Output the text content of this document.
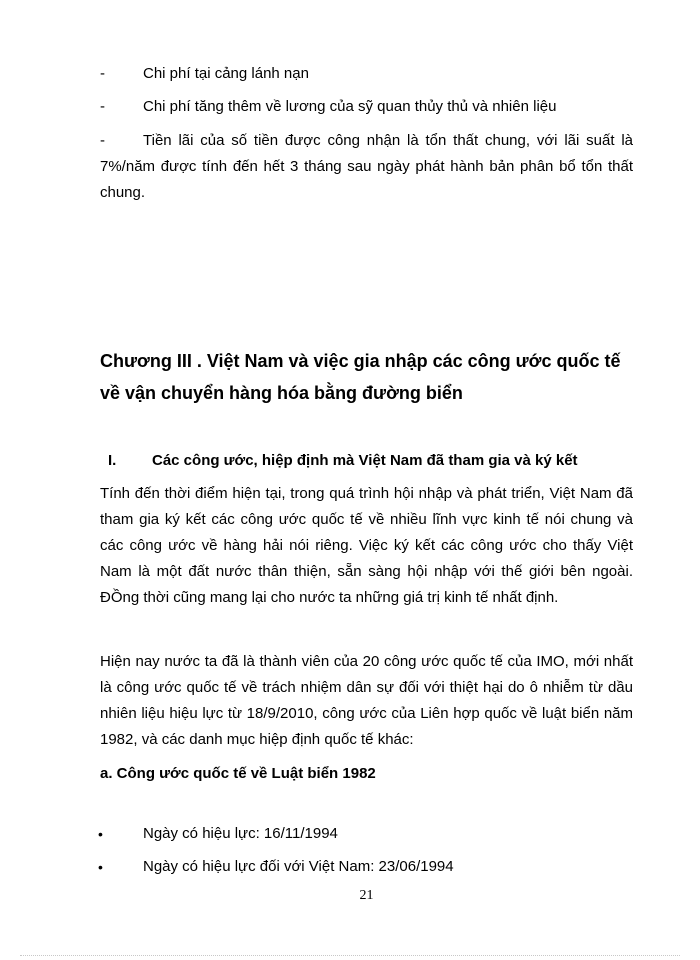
-	Chi phí tại cảng lánh nạn
-	Chi phí tăng thêm về lương của sỹ quan thủy thủ và nhiên liệu
-	Tiền lãi của số tiền được công nhận là tổn thất chung, với lãi suất là 7%/năm được tính đến hết 3 tháng sau ngày phát hành bản phân bổ tổn thất chung.
Chương III . Việt Nam và việc gia nhập các công ước quốc tế về vận chuyển hàng hóa bằng đường biển
I. Các công ước, hiệp định mà Việt Nam đã tham gia và ký kết
Tính đến thời điểm hiện tại, trong quá trình hội nhập và phát triển, Việt Nam đã tham gia ký kết các công ước quốc tế về nhiều lĩnh vực kinh tế nói chung và các công ước về hàng hải nói riêng. Việc ký kết các công ước cho thấy Việt Nam là một đất nước thân thiện, sẵn sàng hội nhập với thế giới bên ngoài. ĐỒng thời cũng mang lại cho nước ta những giá trị kinh tế nhất định.
Hiện nay nước ta đã là thành viên của 20 công ước quốc tế của IMO, mới nhất là công ước quốc tế về trách nhiệm dân sự đối với thiệt hại do ô nhiễm từ dầu nhiên liệu hiệu lực từ 18/9/2010, công ước của Liên hợp quốc về luật biển năm 1982, và các danh mục hiệp định quốc tế khác:
a. Công ước quốc tế về Luật biển 1982
•	Ngày có hiệu lực: 16/11/1994
•	Ngày có hiệu lực đối với Việt Nam: 23/06/1994
21
